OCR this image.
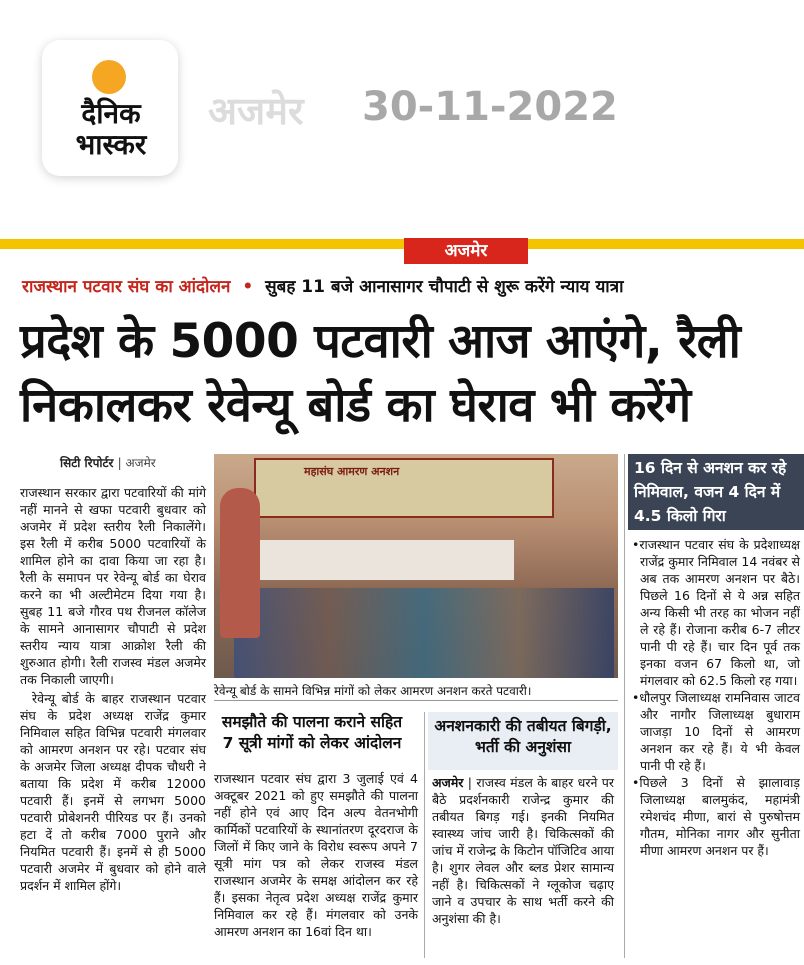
दैनिक
भास्कर
अजमेर 30-11-2022
अजमेर
राजस्थान पटवार संघ का आंदोलन • सुबह 11 बजे आनासागर चौपाटी से शुरू करेंगे न्याय यात्रा
प्रदेश के 5000 पटवारी आज आएंगे, रैली
निकालकर रेवेन्यू बोर्ड का घेराव भी करेंगे
सिटी रिपोर्टर | अजमेर

राजस्थान सरकार द्वारा पटवारियों की मांगे नहीं मानने से खफा पटवारी बुधवार को अजमेर में प्रदेश स्तरीय रैली निकालेंगे। इस रैली में करीब 5000 पटवारियों के शामिल होने का दावा किया जा रहा है। रैली के समापन पर रेवेन्यू बोर्ड का घेराव करने का भी अल्टीमेटम दिया गया है। सुबह 11 बजे गौरव पथ रीजनल कॉलेज के सामने आनासागर चौपाटी से प्रदेश स्तरीय न्याय यात्रा आक्रोश रैली की शुरुआत होगी। रैली राजस्व मंडल अजमेर तक निकाली जाएगी।

रेवेन्यू बोर्ड के बाहर राजस्थान पटवार संघ के प्रदेश अध्यक्ष राजेंद्र कुमार निमिवाल सहित विभिन्न पटवारी मंगलवार को आमरण अनशन पर रहे। पटवार संघ के अजमेर जिला अध्यक्ष दीपक चौधरी ने बताया कि प्रदेश में करीब 12000 पटवारी हैं। इनमें से लगभग 5000 पटवारी प्रोबेशनरी पीरियड पर हैं। उनको हटा दें तो करीब 7000 पुराने और नियमित पटवारी हैं। इनमें से ही 5000 पटवारी अजमेर में बुधवार को होने वाले प्रदर्शन में शामिल होंगे।

महासंघ आमरण अनशन
रेवेन्यू बोर्ड के सामने विभिन्न मांगों को लेकर आमरण अनशन करते पटवारी।
समझौते की पालना कराने सहित 7 सूत्री मांगों को लेकर आंदोलन
राजस्थान पटवार संघ द्वारा 3 जुलाई एवं 4 अक्टूबर 2021 को हुए समझौते की पालना नहीं होने एवं आए दिन अल्प वेतनभोगी कार्मिकों पटवारियों के स्थानांतरण दूरदराज के जिलों में किए जाने के विरोध स्वरूप अपने 7 सूत्री मांग पत्र को लेकर राजस्व मंडल राजस्थान अजमेर के समक्ष आंदोलन कर रहे हैं। इसका नेतृत्व प्रदेश अध्यक्ष राजेंद्र कुमार निमिवाल कर रहे हैं। मंगलवार को उनके आमरण अनशन का 16वां दिन था।
अनशनकारी की तबीयत बिगड़ी, भर्ती की अनुशंसा
अजमेर | राजस्व मंडल के बाहर धरने पर बैठे प्रदर्शनकारी राजेन्द्र कुमार की तबीयत बिगड़ गई। इनकी नियमित स्वास्थ्य जांच जारी है। चिकित्सकों की जांच में राजेन्द्र के किटोन पॉजिटिव आया है। शुगर लेवल और ब्लड प्रेशर सामान्य नहीं है। चिकित्सकों ने ग्लूकोज चढ़ाए जाने व उपचार के साथ भर्ती करने की अनुशंसा की है।
16 दिन से अनशन कर रहे निमिवाल, वजन 4 दिन में 4.5 किलो गिरा

•राजस्थान पटवार संघ के प्रदेशाध्यक्ष राजेंद्र कुमार निमिवाल 14 नवंबर से अब तक आमरण अनशन पर बैठे। पिछले 16 दिनों से ये अन्न सहित अन्य किसी भी तरह का भोजन नहीं ले रहे हैं। रोजाना करीब 6-7 लीटर पानी पी रहे हैं। चार दिन पूर्व तक इनका वजन 67 किलो था, जो मंगलवार को 62.5 किलो रह गया।

•धौलपुर जिलाध्यक्ष रामनिवास जाटव और नागौर जिलाध्यक्ष बुधाराम जाजड़ा 10 दिनों से आमरण अनशन कर रहे हैं। ये भी केवल पानी पी रहे हैं।

•पिछले 3 दिनों से झालावाड़ जिलाध्यक्ष बालमुकंद, महामंत्री रमेशचंद मीणा, बारां से पुरुषोत्तम गौतम, मोनिका नागर और सुनीता मीणा आमरण अनशन पर हैं।
